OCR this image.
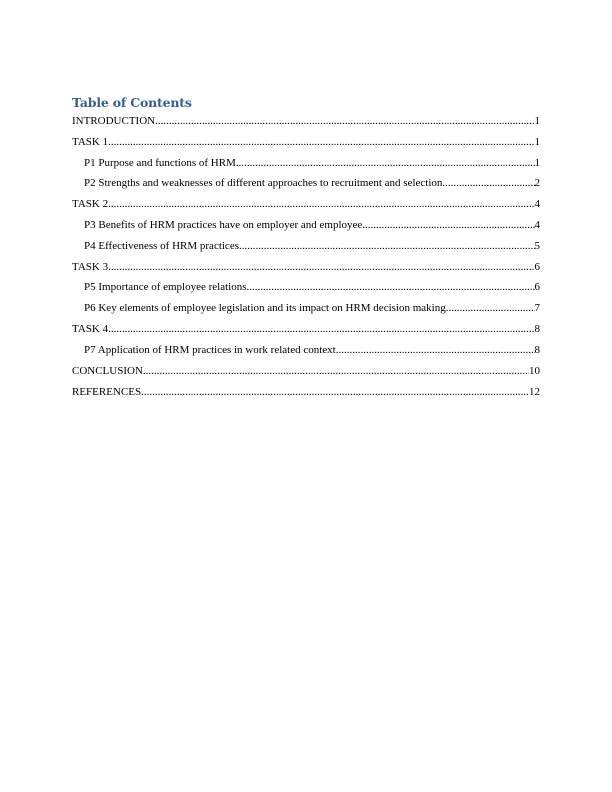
Table of Contents
INTRODUCTION .....	1
TASK 1 .....	1
P1 Purpose and functions of HRM .....	1
P2 Strengths and weaknesses of different approaches to recruitment and selection .....	2
TASK 2 .....	4
P3 Benefits of HRM practices have on employer and employee .....	4
P4 Effectiveness of HRM practices .....	5
TASK 3 .....	6
P5 Importance of employee relations .....	6
P6 Key elements of employee legislation and its impact on HRM decision making .....	7
TASK 4 .....	8
P7 Application of HRM practices in work related context .....	8
CONCLUSION .....	10
REFERENCES .....	12
